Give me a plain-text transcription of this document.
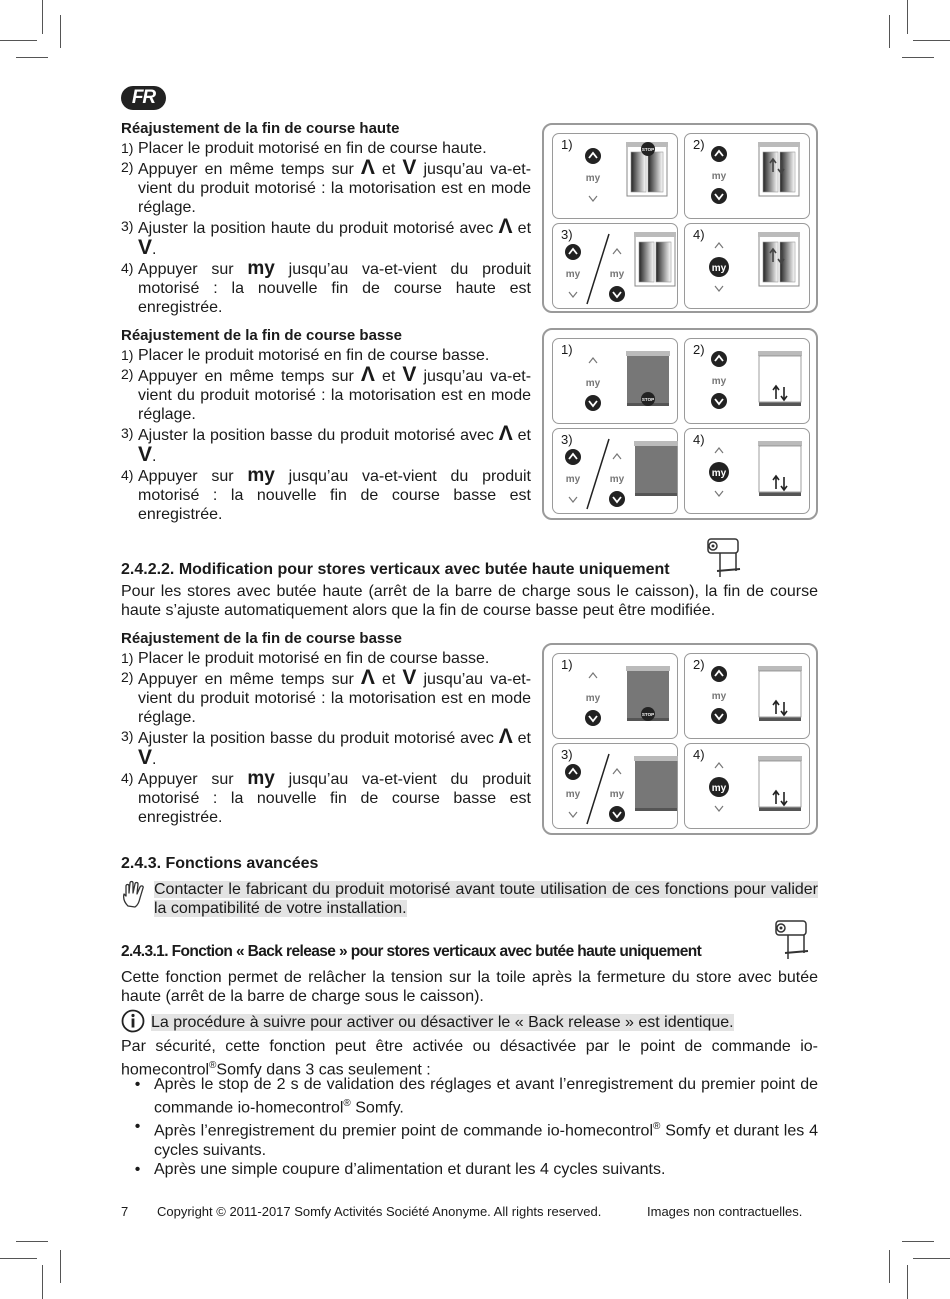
FR
Réajustement de la fin de course haute
1) Placer le produit motorisé en fin de course haute.
2) Appuyer en même temps sur Λ et V jusqu’au va-et-vient du produit motorisé : la motorisation est en mode réglage.
3) Ajuster la position haute du produit motorisé avec Λ et V.
4) Appuyer sur my jusqu’au va-et-vient du produit motorisé : la nouvelle fin de course haute est enregistrée.
Réajustement de la fin de course basse
1) Placer le produit motorisé en fin de course basse.
2) Appuyer en même temps sur Λ et V jusqu’au va-et-vient du produit motorisé : la motorisation est en mode réglage.
3) Ajuster la position basse du produit motorisé avec Λ et V.
4) Appuyer sur my jusqu’au va-et-vient du produit motorisé : la nouvelle fin de course basse est enregistrée.
2.4.2.2. Modification pour stores verticaux avec butée haute uniquement
Pour les stores avec butée haute (arrêt de la barre de charge sous le caisson), la fin de course haute s’ajuste automatiquement alors que la fin de course basse peut être modifiée.
Réajustement de la fin de course basse
1) Placer le produit motorisé en fin de course basse.
2) Appuyer en même temps sur Λ et V jusqu’au va-et-vient du produit motorisé : la motorisation est en mode réglage.
3) Ajuster la position basse du produit motorisé avec Λ et V.
4) Appuyer sur my jusqu’au va-et-vient du produit motorisé : la nouvelle fin de course basse est enregistrée.
1)
my
STOP	2)
my
3)
my	my
4)
my
1)
my
STOP
2)
my
3)
my	my
4)
my
1)
my
STOP
2)
my
3)
my	my
4)
my
2.4.3. Fonctions avancées
Contacter le fabricant du produit motorisé avant toute utilisation de ces fonctions pour valider la compatibilité de votre installation.
2.4.3.1. Fonction « Back release » pour stores verticaux avec butée haute uniquement
Cette fonction permet de relâcher la tension sur la toile après la fermeture du store avec butée haute (arrêt de la barre de charge sous le caisson).
La procédure à suivre pour activer ou désactiver le « Back release » est identique.
Par sécurité, cette fonction peut être activée ou désactivée par le point de commande io-homecontrol®Somfy dans 3 cas seulement :
• Après le stop de 2 s de validation des réglages et avant l’enregistrement du premier point de commande io-homecontrol® Somfy.
• Après l’enregistrement du premier point de commande io-homecontrol® Somfy et durant les 4 cycles suivants.
• Après une simple coupure d’alimentation et durant les 4 cycles suivants.
7 Copyright © 2011-2017 Somfy Activités Société Anonyme. All rights reserved.	Images non contractuelles.
